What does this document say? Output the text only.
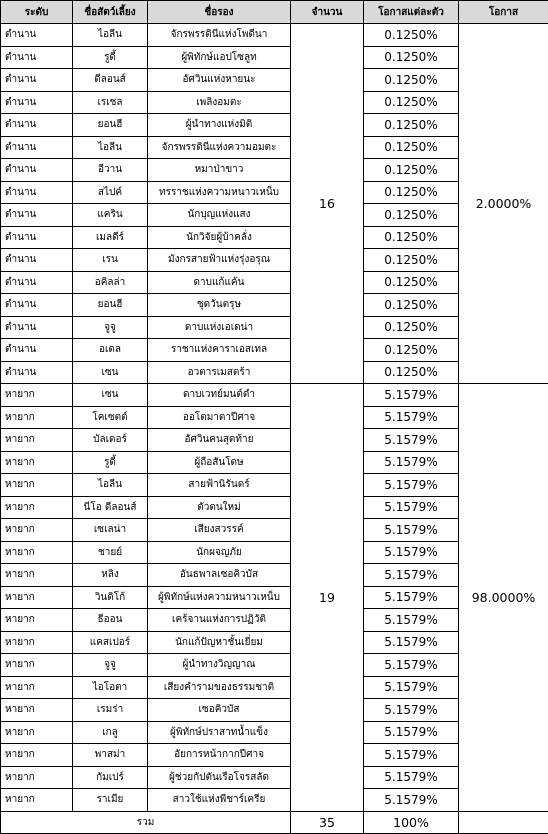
ระดับ	ชื่อสัตว์เลี้ยง	ชื่อรอง	จำนวน	โอกาสแต่ละตัว	โอกาส
ตำนาน	ไอลีน	จักรพรรดินีแห่งโพดีนา	16	0.1250%	2.0000%
ตำนาน	รูดี้	ผู้พิทักษ์แอปโซลูท		0.1250%	
ตำนาน	ดีลอนส์	อัศวินแห่งหายนะ		0.1250%	
ตำนาน	เรเชล	เพลิงอมตะ		0.1250%	
ตำนาน	ยอนฮี	ผู้นำทางแห่งมิติ		0.1250%	
ตำนาน	ไอลีน	จักรพรรดินีแห่งความอมตะ		0.1250%	
ตำนาน	อีวาน	หมาป่าขาว		0.1250%	
ตำนาน	สไปค์	ทรราชแห่งความหนาวเหน็บ		0.1250%	
ตำนาน	แคริน	นักบุญแห่งแสง		0.1250%	
ตำนาน	เมลดีร์	นักวิจัยผู้บ้าคลั่ง		0.1250%	
ตำนาน	เรน	มังกรสายฟ้าแห่งรุ่งอรุณ		0.1250%	
ตำนาน	อคิลล่า	ดาบแก้แค้น		0.1250%	
ตำนาน	ยอนฮี	ชุดวันตรุษ		0.1250%	
ตำนาน	จูจู	ดาบแห่งเอเดน่า		0.1250%	
ตำนาน	อเดล	ราชาแห่งคาราเอสเทล		0.1250%	
ตำนาน	เซน	อวตารเมสตร้า		0.1250%	
หายาก	เซน	ดาบเวทย์มนต์ดำ	19	5.1579%	98.0000%
หายาก	โคเซตต์	ออโตมาตาปีศาจ		5.1579%	
หายาก	บัลเดอร์	อัศวินคนสุดท้าย		5.1579%	
หายาก	รูดี้	ผู้ถือสันโดษ		5.1579%	
หายาก	ไอลีน	สายฟ้านิรันดร์		5.1579%	
หายาก	นีโอ ดีลอนส์	ตัวตนใหม่		5.1579%	
หายาก	เซเลน่า	เสียงสวรรค์		5.1579%	
หายาก	ชายย์	นักผจญภัย		5.1579%	
หายาก	หลิง	อันธพาลเซอคิวบัส		5.1579%	
หายาก	วินดิโก้	ผู้พิทักษ์แห่งความหนาวเหน็บ		5.1579%	
หายาก	ธีออน	เคร้จานแห่งการปฏิวัติ		5.1579%	
หายาก	แคสเปอร์	นักแก้ปัญหาชั้นเยี่ยม		5.1579%	
หายาก	จูจู	ผู้นำทางวิญญาณ		5.1579%	
หายาก	ไอโอตา	เสียงคำรามของธรรมชาติ		5.1579%	
หายาก	เรมร่า	เซอคิวบัส		5.1579%	
หายาก	เกลู	ผู้พิทักษ์ปราสาทน้ำแข็ง		5.1579%	
หายาก	พาสม่า	อัยการหน้ากากปีศาจ		5.1579%	
หายาก	กัมเปร์	ผู้ช่วยกัปตันเรือโจรสลัด		5.1579%	
หายาก	ราเมีย	สาวใช้แห่งพีชาร์เครีย		5.1579%	
รวม			35	100%	
